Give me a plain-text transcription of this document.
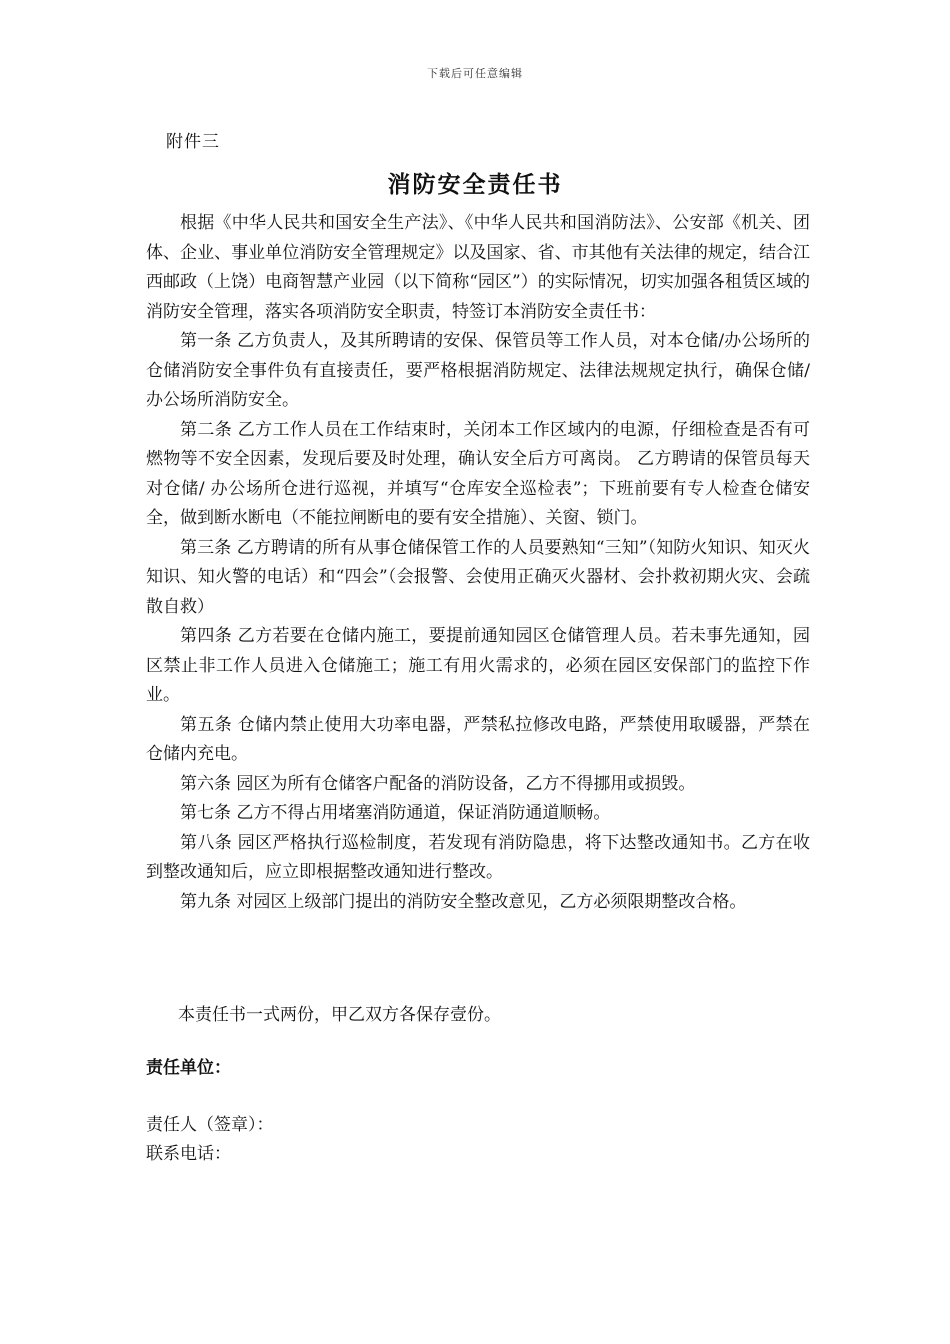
下载后可任意编辑
附件三
消防安全责任书

根据《中华人民共和国安全生产法》、《中华人民共和国消防法》、公安部《机关、团体、企业、事业单位消防安全管理规定》以及国家、省、市其他有关法律的规定，结合江西邮政（上饶）电商智慧产业园（以下简称“园区”）的实际情况，切实加强各租赁区域的消防安全管理，落实各项消防安全职责，特签订本消防安全责任书：

第一条 乙方负责人，及其所聘请的安保、保管员等工作人员，对本仓储/办公场所的仓储消防安全事件负有直接责任，要严格根据消防规定、法律法规规定执行，确保仓储/ 办公场所消防安全。

第二条 乙方工作人员在工作结束时，关闭本工作区域内的电源，仔细检查是否有可燃物等不安全因素，发现后要及时处理，确认安全后方可离岗。 乙方聘请的保管员每天对仓储/ 办公场所仓进行巡视，并填写“仓库安全巡检表”；下班前要有专人检查仓储安全，做到断水断电（不能拉闸断电的要有安全措施）、关窗、锁门。

第三条 乙方聘请的所有从事仓储保管工作的人员要熟知“三知”（知防火知识、知灭火知识、知火警的电话）和“四会”（会报警、会使用正确灭火器材、会扑救初期火灾、会疏散自救）

第四条 乙方若要在仓储内施工，要提前通知园区仓储管理人员。若未事先通知，园区禁止非工作人员进入仓储施工；施工有用火需求的，必须在园区安保部门的监控下作业。

第五条 仓储内禁止使用大功率电器，严禁私拉修改电路，严禁使用取暖器，严禁在仓储内充电。

第六条 园区为所有仓储客户配备的消防设备，乙方不得挪用或损毁。

第七条 乙方不得占用堵塞消防通道，保证消防通道顺畅。

第八条 园区严格执行巡检制度，若发现有消防隐患，将下达整改通知书。乙方在收到整改通知后，应立即根据整改通知进行整改。

第九条 对园区上级部门提出的消防安全整改意见，乙方必须限期整改合格。

本责任书一式两份，甲乙双方各保存壹份。
责任单位：
责任人（签章）：
联系电话：
